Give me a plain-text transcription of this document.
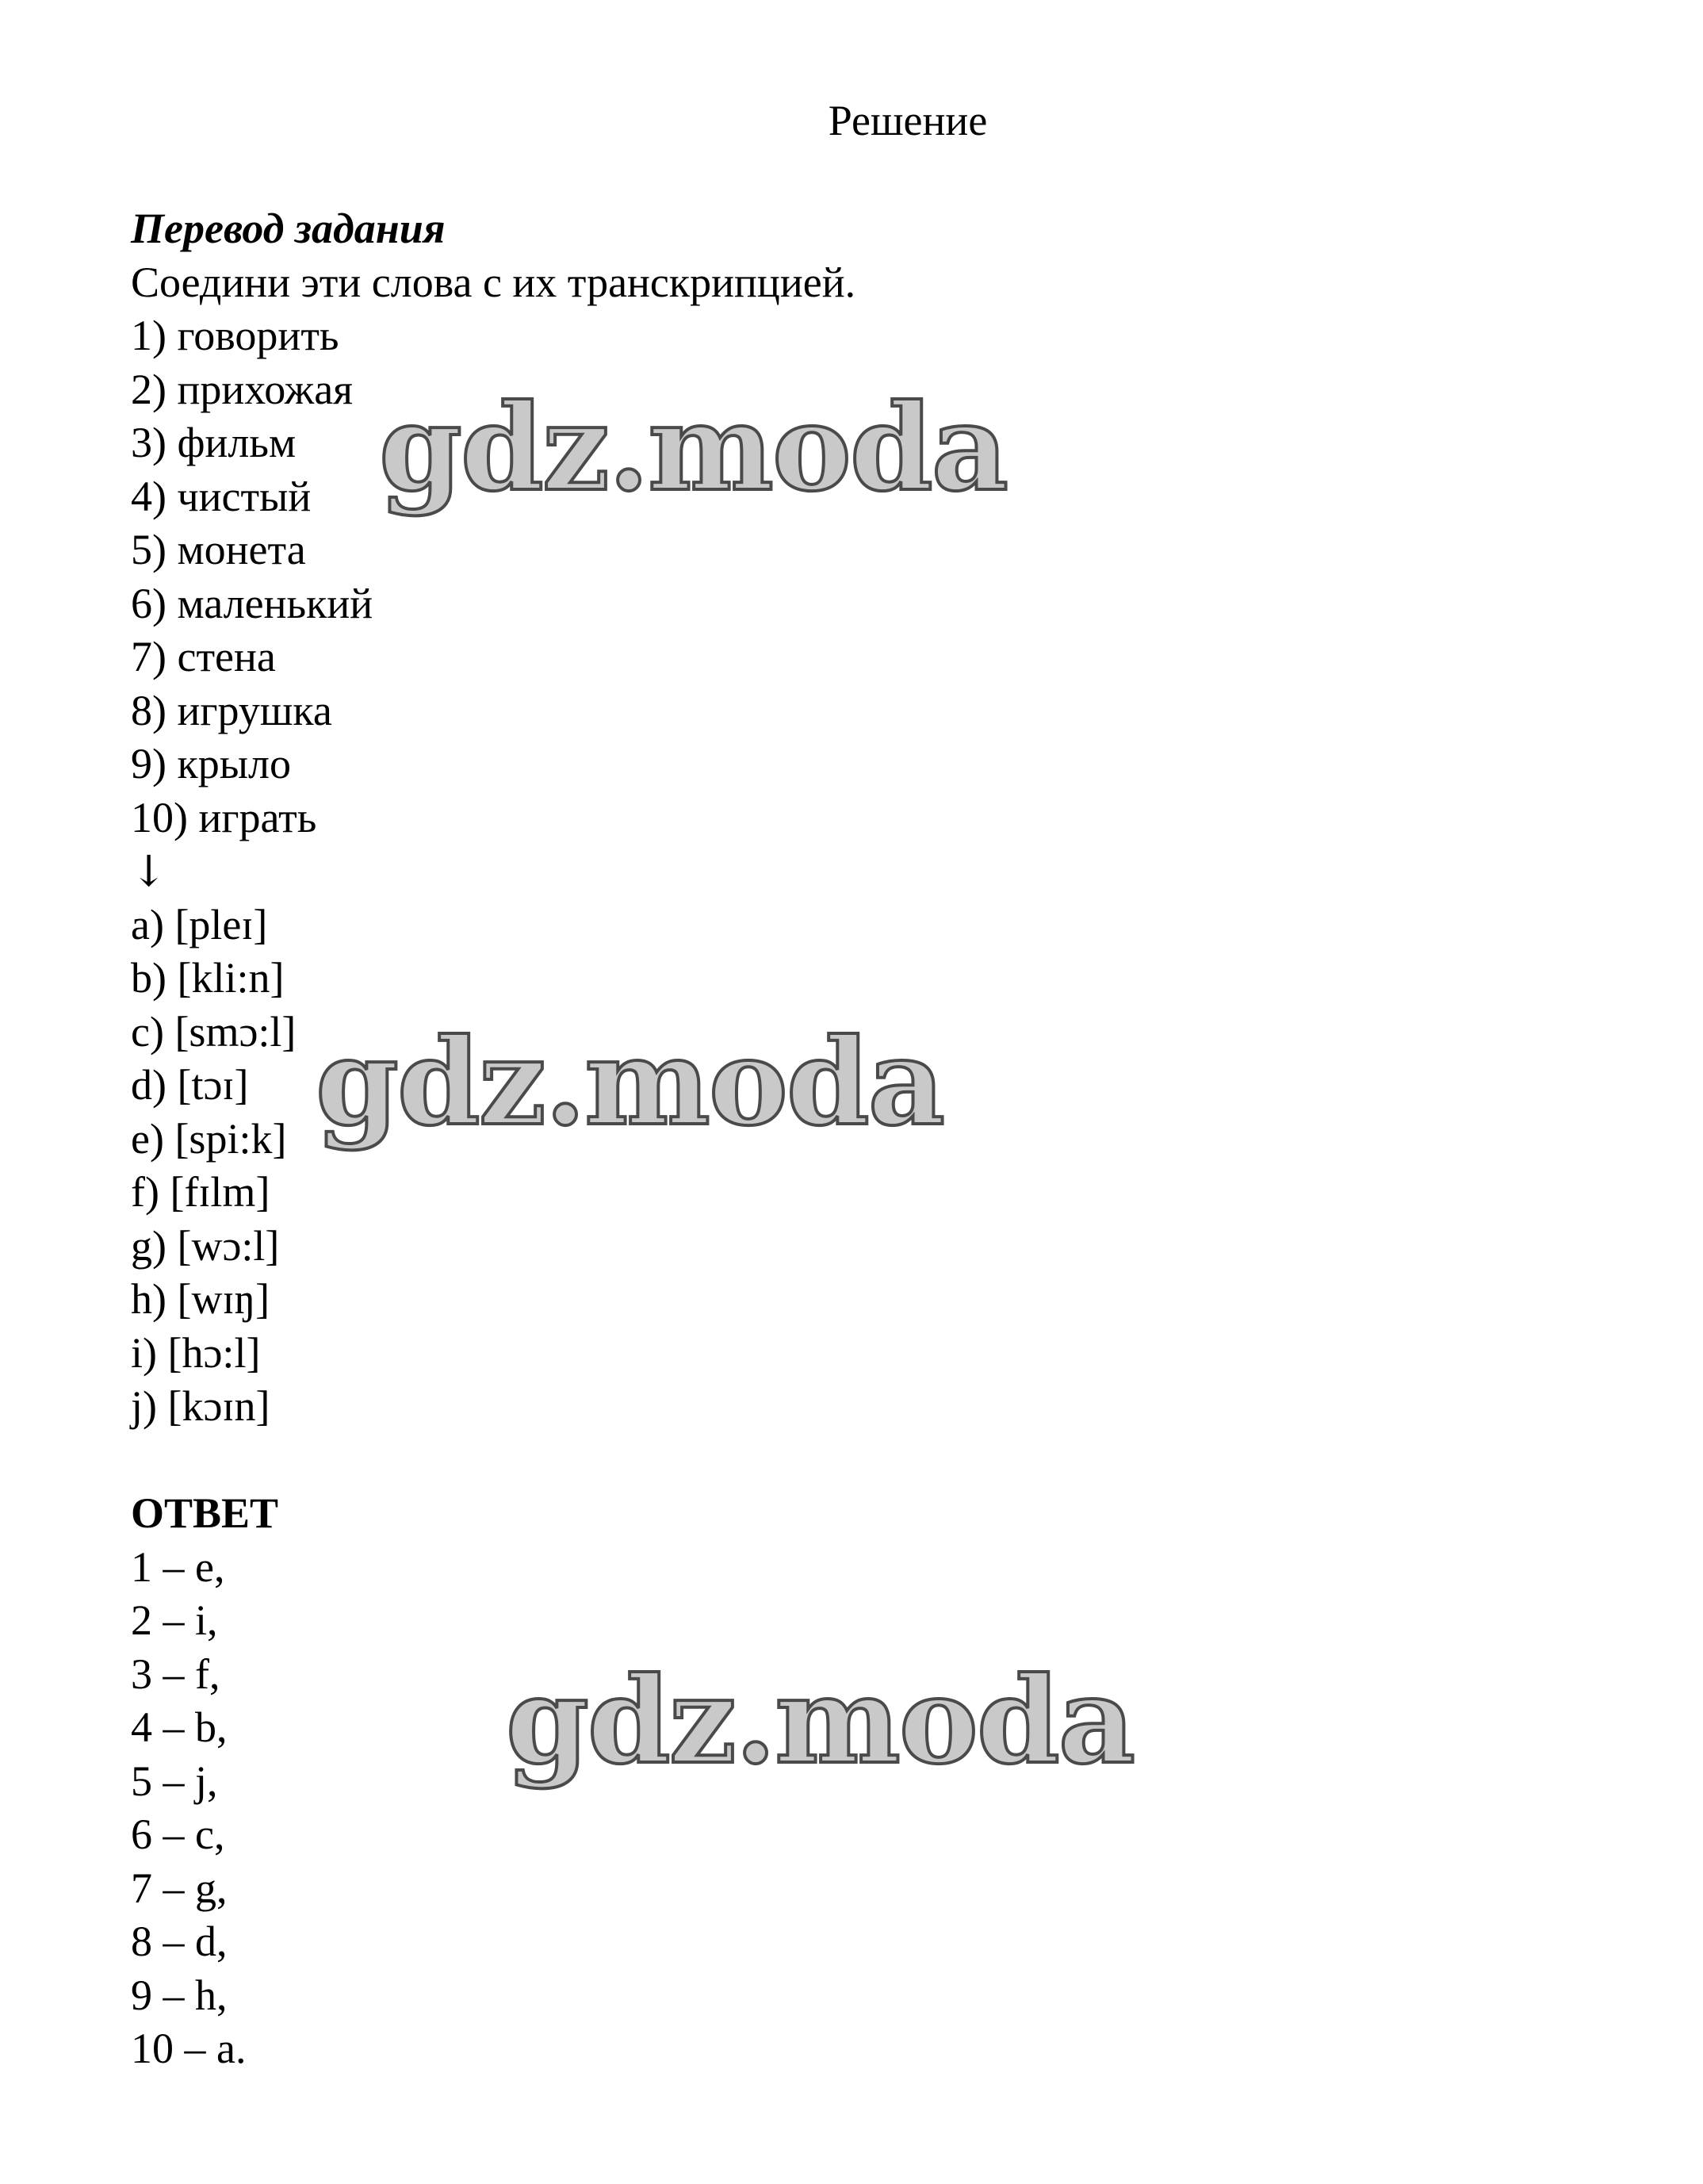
Решение
Перевод задания
Соедини эти слова с их транскрипцией.
1) говорить
2) прихожая
3) фильм
4) чистый
5) монета
6) маленький
7) стена
8) игрушка
9) крыло
10) играть
↓
a) [pleɪ]
b) [kli:n]
c) [smɔ:l]
d) [tɔɪ]
e) [spi:k]
f) [fɪlm]
g) [wɔ:l]
h) [wɪŋ]
i) [hɔ:l]
j) [kɔɪn]
ОТВЕТ
1 – e,
2 – i,
3 – f,
4 – b,
5 – j,
6 – c,
7 – g,
8 – d,
9 – h,
10 – a.
gdz.moda
gdz.moda
gdz.moda
